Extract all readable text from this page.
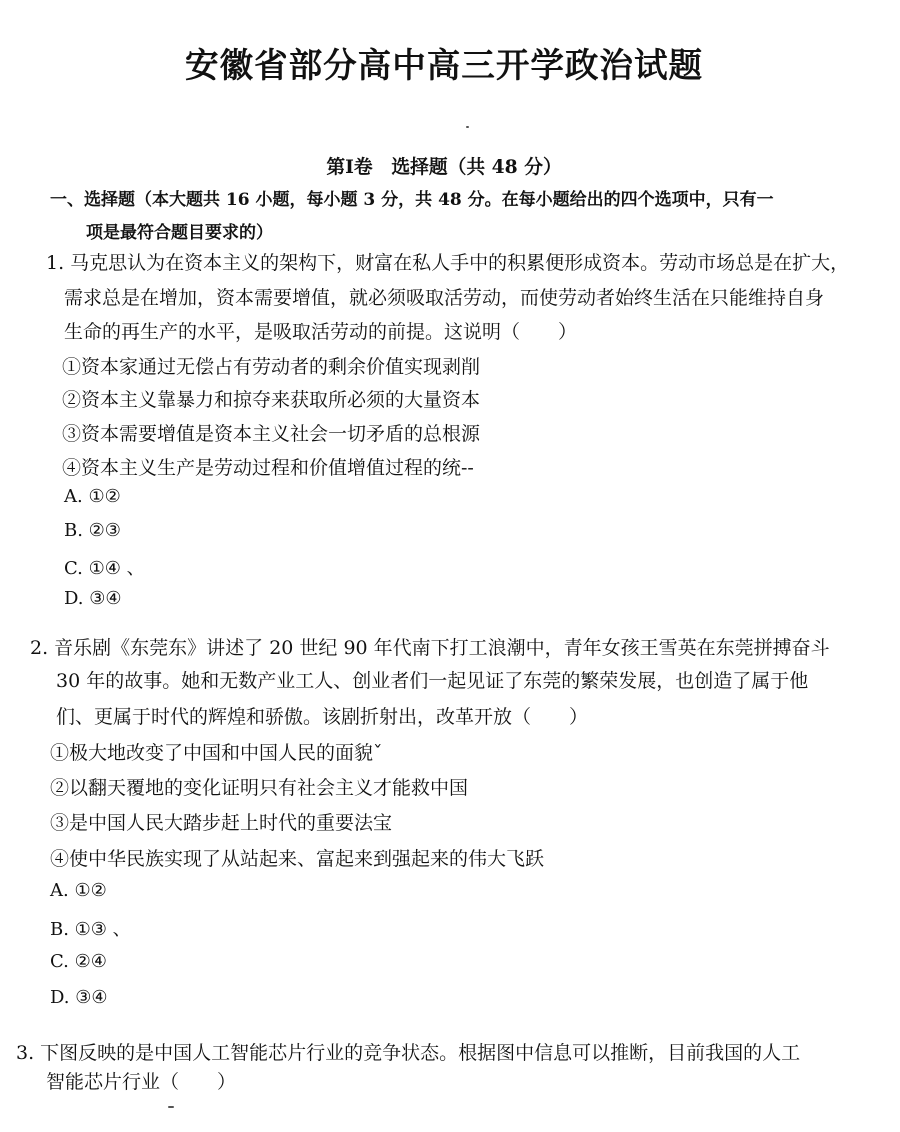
安徽省部分高中高三开学政治试题
第Ⅰ卷　选择题（共 48 分）
一、选择题（本大题共 16 小题，每小题 3 分，共 48 分。在每小题给出的四个选项中，只有一
项是最符合题目要求的）
1. 马克思认为在资本主义的架构下，财富在私人手中的积累便形成资本。劳动市场总是在扩大，
需求总是在增加，资本需要增值，就必须吸取活劳动，而使劳动者始终生活在只能维持自身
生命的再生产的水平，是吸取活劳动的前提。这说明（　　）
①资本家通过无偿占有劳动者的剩余价值实现剥削
②资本主义靠暴力和掠夺来获取所必须的大量资本
③资本需要增值是资本主义社会一切矛盾的总根源
④资本主义生产是劳动过程和价值增值过程的统--
A. ①②
B. ②③
C. ①④ 、
D. ③④
2. 音乐剧《东莞东》讲述了 20 世纪 90 年代南下打工浪潮中，青年女孩王雪英在东莞拼搏奋斗
30 年的故事。她和无数产业工人、创业者们一起见证了东莞的繁荣发展，也创造了属于他
们、更属于时代的辉煌和骄傲。该剧折射出，改革开放（　　）
①极大地改变了中国和中国人民的面貌ˇ
②以翻天覆地的变化证明只有社会主义才能救中国
③是中国人民大踏步赶上时代的重要法宝
④使中华民族实现了从站起来、富起来到强起来的伟大飞跃
A. ①②
B. ①③ 、
C. ②④
D. ③④
3. 下图反映的是中国人工智能芯片行业的竞争状态。根据图中信息可以推断，目前我国的人工
智能芯片行业（　　）
